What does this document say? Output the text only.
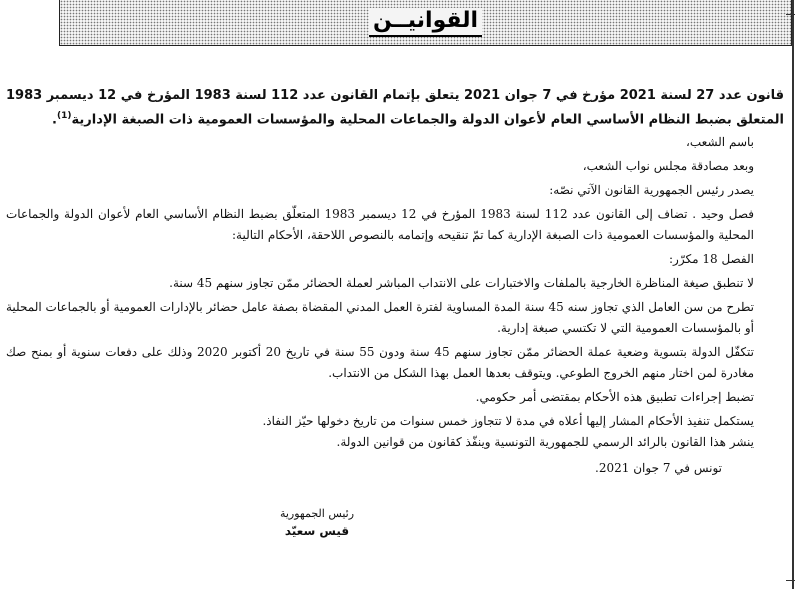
القوانيــن

قانون عدد 27 لسنة 2021 مؤرخ في 7 جوان 2021 يتعلق بإتمام القانون عدد 112 لسنة 1983 المؤرخ في 12 ديسمبر 1983 المتعلق بضبط النظام الأساسي العام لأعوان الدولة والجماعات المحلية والمؤسسات العمومية ذات الصبغة الإدارية$^{(1)}$.

باسم الشعب،

وبعد مصادقة مجلس نواب الشعب،

يصدر رئيس الجمهورية القانون الآتي نصّه:

فصل وحيد . تضاف إلى القانون عدد 112 لسنة 1983 المؤرخ في 12 ديسمبر 1983 المتعلّق بضبط النظام الأساسي العام لأعوان الدولة والجماعات المحلية والمؤسسات العمومية ذات الصبغة الإدارية كما تمّ تنقيحه وإتمامه بالنصوص اللاحقة، الأحكام التالية:

الفصل 18 مكرّر:

لا تنطبق صيغة المناظرة الخارجية بالملفات والاختبارات على الانتداب المباشر لعملة الحضائر ممّن تجاوز سنهم 45 سنة.

تطرح من سن العامل الذي تجاوز سنه 45 سنة المدة المساوية لفترة العمل المدني المقضاة بصفة عامل حضائر بالإدارات العمومية أو بالجماعات المحلية أو بالمؤسسات العمومية التي لا تكتسي صبغة إدارية.

تتكفّل الدولة بتسوية وضعية عملة الحضائر ممّن تجاوز سنهم 45 سنة ودون 55 سنة في تاريخ 20 أكتوبر 2020 وذلك على دفعات سنوية أو بمنح صك مغادرة لمن اختار منهم الخروج الطوعي. ويتوقف بعدها العمل بهذا الشكل من الانتداب.

تضبط إجراءات تطبيق هذه الأحكام بمقتضى أمر حكومي.

يستكمل تنفيذ الأحكام المشار إليها أعلاه في مدة لا تتجاوز خمس سنوات من تاريخ دخولها حيّز النفاذ.

ينشر هذا القانون بالرائد الرسمي للجمهورية التونسية وينفّذ كقانون من قوانين الدولة.

تونس في 7 جوان 2021.

رئيس الجمهورية
قيس سعيّد
